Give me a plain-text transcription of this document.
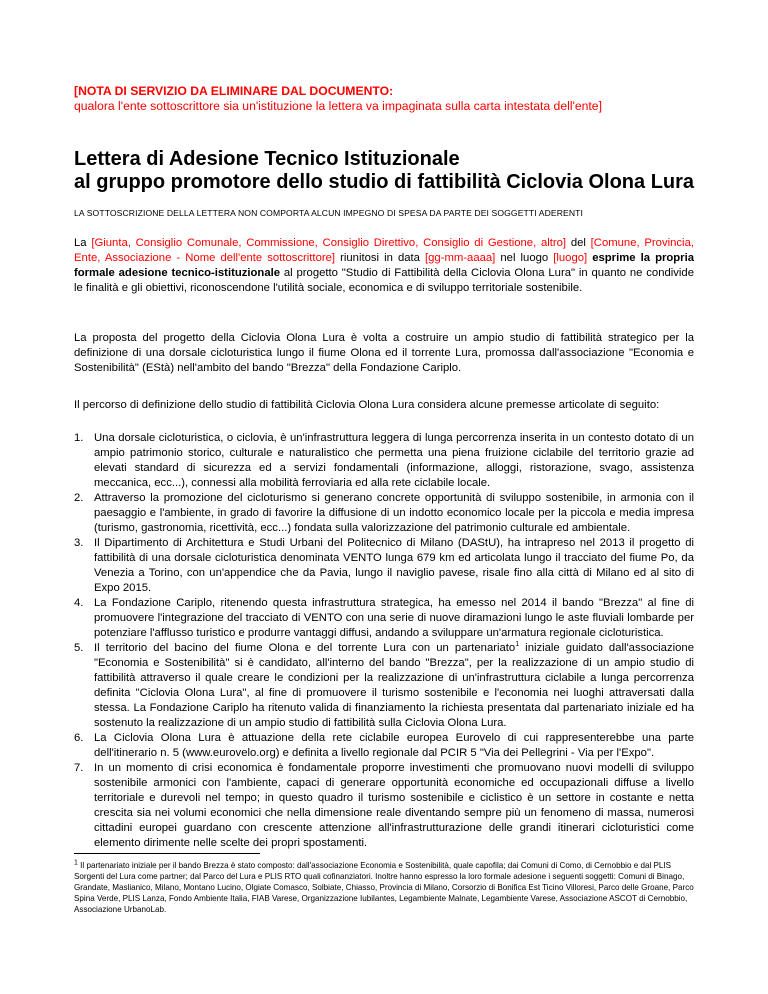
[NOTA DI SERVIZIO DA ELIMINARE DAL DOCUMENTO:
qualora l'ente sottoscrittore sia un'istituzione la lettera va impaginata sulla carta intestata dell'ente]
Lettera di Adesione Tecnico Istituzionale
al gruppo promotore dello studio di fattibilità Ciclovia Olona Lura
LA SOTTOSCRIZIONE DELLA LETTERA NON COMPORTA ALCUN IMPEGNO DI SPESA DA PARTE DEI SOGGETTI ADERENTI

La [Giunta, Consiglio Comunale, Commissione, Consiglio Direttivo, Consiglio di Gestione, altro] del [Comune, Provincia, Ente, Associazione - Nome dell'ente sottoscrittore] riunitosi in data [gg-mm-aaaa] nel luogo [luogo] esprime la propria formale adesione tecnico-istituzionale al progetto "Studio di Fattibilità della Ciclovia Olona Lura" in quanto ne condivide le finalità e gli obiettivi, riconoscendone l'utilità sociale, economica e di sviluppo territoriale sostenibile.

La proposta del progetto della Ciclovia Olona Lura è volta a costruire un ampio studio di fattibilità strategico per la definizione di una dorsale cicloturistica lungo il fiume Olona ed il torrente Lura, promossa dall'associazione "Economia e Sostenibilità" (EStà) nell'ambito del bando "Brezza" della Fondazione Cariplo.

Il percorso di definizione dello studio di fattibilità Ciclovia Olona Lura considera alcune premesse articolate di seguito:

1. Una dorsale cicloturistica, o ciclovia, è un'infrastruttura leggera di lunga percorrenza inserita in un contesto dotato di un ampio patrimonio storico, culturale e naturalistico che permetta una piena fruizione ciclabile del territorio grazie ad elevati standard di sicurezza ed a servizi fondamentali (informazione, alloggi, ristorazione, svago, assistenza meccanica, ecc...), connessi alla mobilità ferroviaria ed alla rete ciclabile locale.
2. Attraverso la promozione del cicloturismo si generano concrete opportunità di sviluppo sostenibile, in armonia con il paesaggio e l'ambiente, in grado di favorire la diffusione di un indotto economico locale per la piccola e media impresa (turismo, gastronomia, ricettività, ecc...) fondata sulla valorizzazione del patrimonio culturale ed ambientale.
3. Il Dipartimento di Architettura e Studi Urbani del Politecnico di Milano (DAStU), ha intrapreso nel 2013 il progetto di fattibilità di una dorsale cicloturistica denominata VENTO lunga 679 km ed articolata lungo il tracciato del fiume Po, da Venezia a Torino, con un'appendice che da Pavia, lungo il naviglio pavese, risale fino alla città di Milano ed al sito di Expo 2015.
4. La Fondazione Cariplo, ritenendo questa infrastruttura strategica, ha emesso nel 2014 il bando "Brezza" al fine di promuovere l'integrazione del tracciato di VENTO con una serie di nuove diramazioni lungo le aste fluviali lombarde per potenziare l'afflusso turistico e produrre vantaggi diffusi, andando a sviluppare un'armatura regionale cicloturistica.
5. Il territorio del bacino del fiume Olona e del torrente Lura con un partenariato$^1$ iniziale guidato dall'associazione "Economia e Sostenibilità" si è candidato, all'interno del bando "Brezza", per la realizzazione di un ampio studio di fattibilità attraverso il quale creare le condizioni per la realizzazione di un'infrastruttura ciclabile a lunga percorrenza definita "Ciclovia Olona Lura", al fine di promuovere il turismo sostenibile e l'economia nei luoghi attraversati dalla stessa. La Fondazione Cariplo ha ritenuto valida di finanziamento la richiesta presentata dal partenariato iniziale ed ha sostenuto la realizzazione di un ampio studio di fattibilità sulla Ciclovia Olona Lura.
6. La Ciclovia Olona Lura è attuazione della rete ciclabile europea Eurovelo di cui rappresenterebbe una parte dell'itinerario n. 5 (www.eurovelo.org) e definita a livello regionale dal PCIR 5 "Via dei Pellegrini - Via per l'Expo".
7. In un momento di crisi economica è fondamentale proporre investimenti che promuovano nuovi modelli di sviluppo sostenibile armonici con l'ambiente, capaci di generare opportunità economiche ed occupazionali diffuse a livello territoriale e durevoli nel tempo; in questo quadro il turismo sostenibile e ciclistico è un settore in costante e netta crescita sia nei volumi economici che nella dimensione reale diventando sempre più un fenomeno di massa, numerosi cittadini europei guardano con crescente attenzione all'infrastrutturazione delle grandi itinerari cicloturistici come elemento dirimente nelle scelte dei propri spostamenti.

$^1$ Il partenariato iniziale per il bando Brezza è stato composto: dall'associazione Economia e Sostenibilità, quale capofila; dai Comuni di Como, di Cernobbio e dal PLIS Sorgenti del Lura come partner; dal Parco del Lura e PLIS RTO quali cofinanziatori. Inoltre hanno espresso la loro formale adesione i seguenti soggetti: Comuni di Binago, Grandate, Maslianico, Milano, Montano Lucino, Olgiate Comasco, Solbiate, Chiasso, Provincia di Milano, Corsorzio di Bonifica Est Ticino Villoresi, Parco delle Groane, Parco Spina Verde, PLIS Lanza, Fondo Ambiente Italia, FIAB Varese, Organizzazione Iubilantes, Legambiente Malnate, Legambiente Varese, Associazione ASCOT di Cernobbio, Associazione UrbanoLab.
